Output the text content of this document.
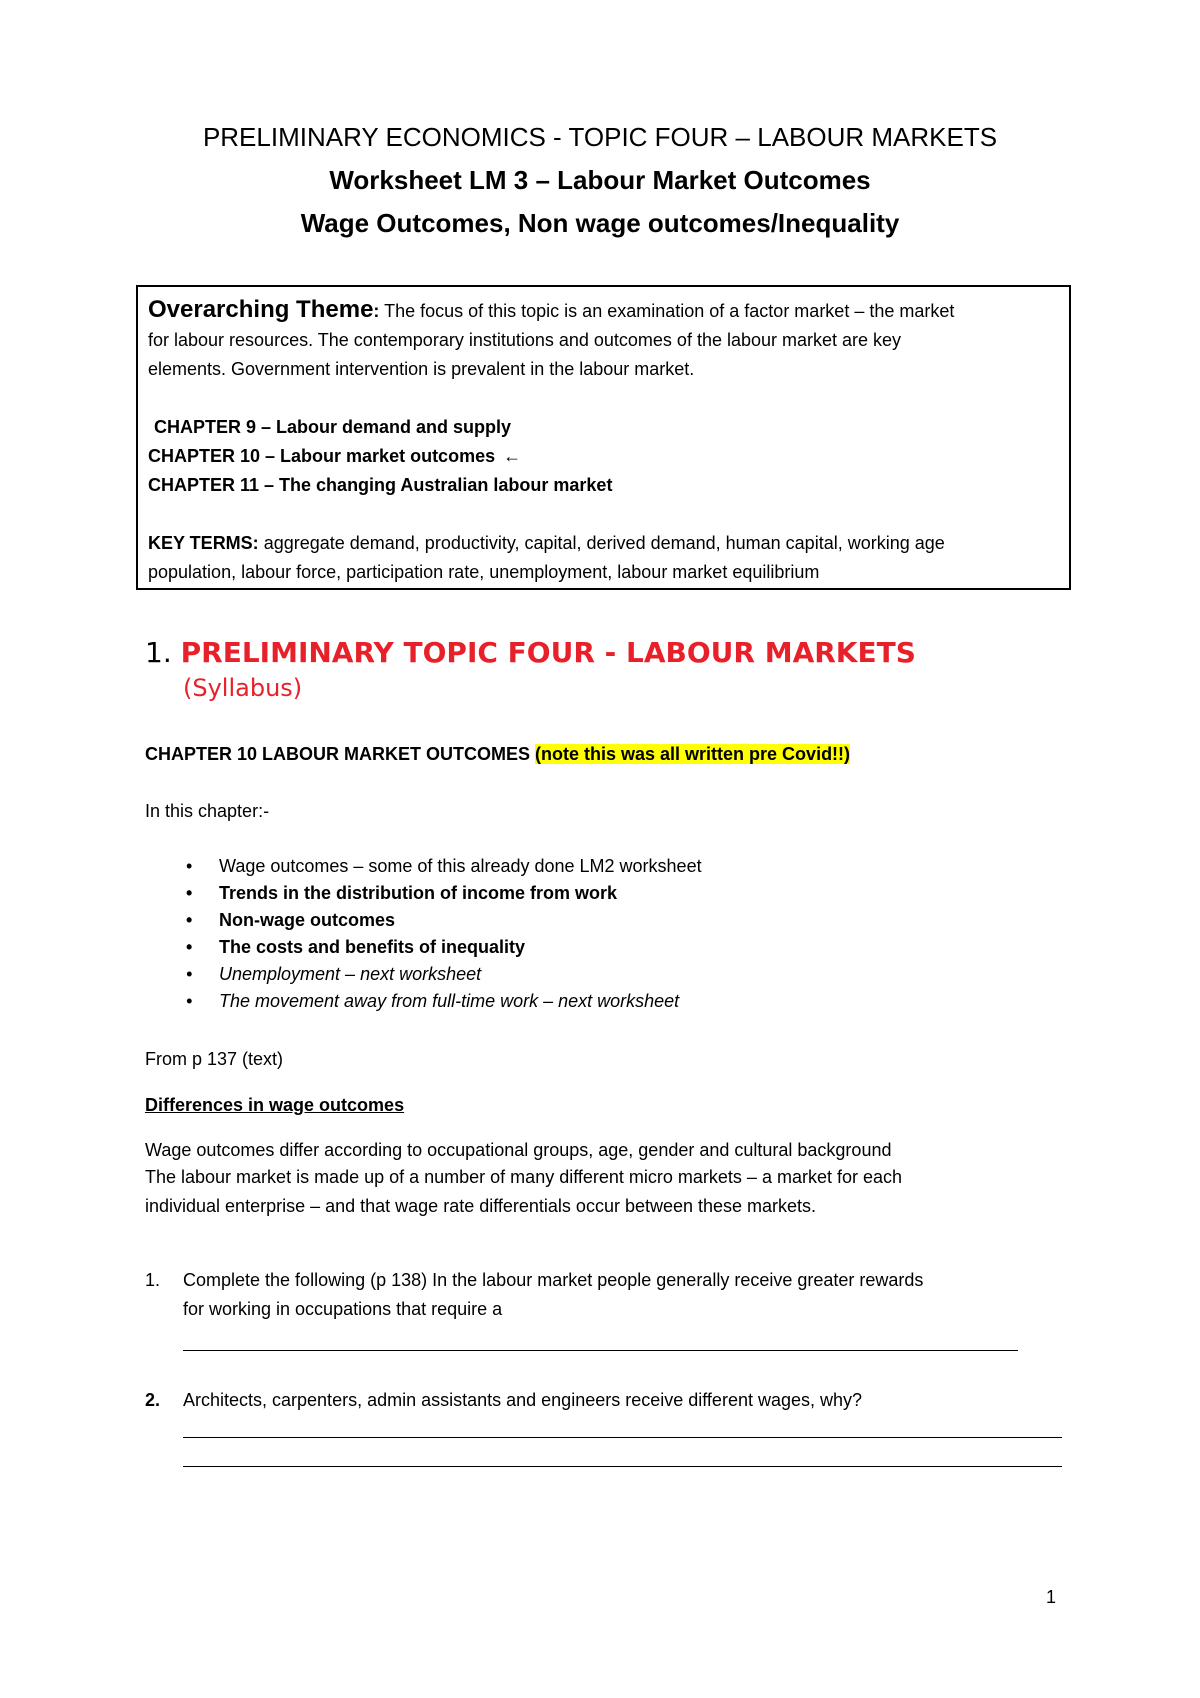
PRELIMINARY ECONOMICS - TOPIC FOUR – LABOUR MARKETS
Worksheet LM 3 – Labour Market Outcomes
Wage Outcomes, Non wage outcomes/Inequality

Overarching Theme: The focus of this topic is an examination of a factor market – the market

for labour resources. The contemporary institutions and outcomes of the labour market are key

elements. Government intervention is prevalent in the labour market.

CHAPTER 9 – Labour demand and supply

CHAPTER 10 – Labour market outcomes ←

CHAPTER 11 – The changing Australian labour market

KEY TERMS: aggregate demand, productivity, capital, derived demand, human capital, working age

population, labour force, participation rate, unemployment, labour market equilibrium

1. PRELIMINARY TOPIC FOUR - LABOUR MARKETS
(Syllabus)
CHAPTER 10 LABOUR MARKET OUTCOMES (note this was all written pre Covid!!)
In this chapter:-
• Wage outcomes – some of this already done LM2 worksheet
• Trends in the distribution of income from work
• Non-wage outcomes
• The costs and benefits of inequality
• Unemployment – next worksheet
• The movement away from full-time work – next worksheet
From p 137 (text)
Differences in wage outcomes
Wage outcomes differ according to occupational groups, age, gender and cultural background
The labour market is made up of a number of many different micro markets – a market for each
individual enterprise – and that wage rate differentials occur between these markets.
1. Complete the following (p 138) In the labour market people generally receive greater rewards
for working in occupations that require a
2. Architects, carpenters, admin assistants and engineers receive different wages, why?
1
